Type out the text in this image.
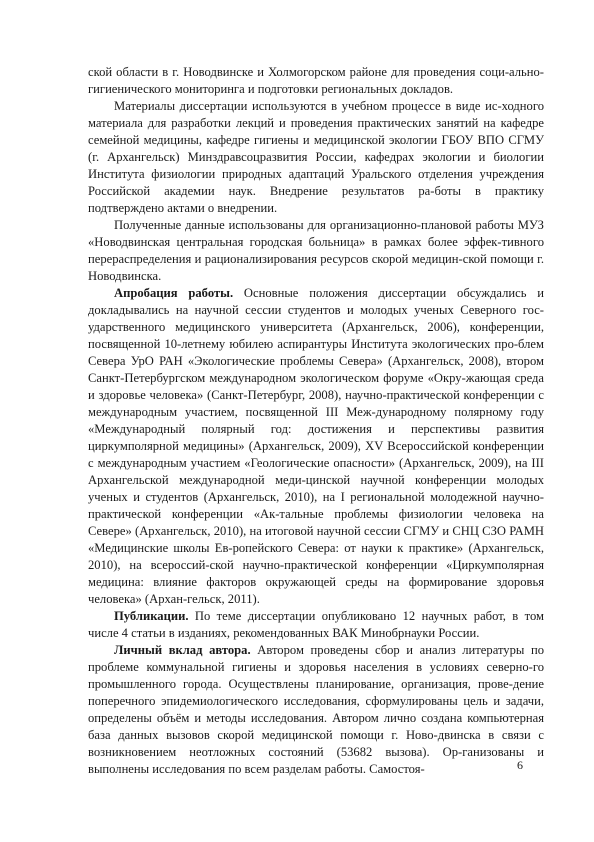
ской области в г. Новодвинске и Холмогорском районе для проведения соци-ально-гигиенического мониторинга и подготовки региональных докладов.

Материалы диссертации используются в учебном процессе в виде ис-ходного материала для разработки лекций и проведения практических занятий на кафедре семейной медицины, кафедре гигиены и медицинской экологии ГБОУ ВПО СГМУ (г. Архангельск) Минздравсоцразвития России, кафедрах экологии и биологии Института физиологии природных адаптаций Уральского отделения учреждения Российской академии наук. Внедрение результатов ра-боты в практику подтверждено актами о внедрении.

Полученные данные использованы для организационно-плановой работы МУЗ «Новодвинская центральная городская больница» в рамках более эффек-тивного перераспределения и рационализирования ресурсов скорой медицин-ской помощи г. Новодвинска.

Апробация работы. Основные положения диссертации обсуждались и докладывались на научной сессии студентов и молодых ученых Северного гос-ударственного медицинского университета (Архангельск, 2006), конференции, посвященной 10-летнему юбилею аспирантуры Института экологических про-блем Севера УрО РАН «Экологические проблемы Севера» (Архангельск, 2008), втором Санкт-Петербургском международном экологическом форуме «Окру-жающая среда и здоровье человека» (Санкт-Петербург, 2008), научно-практической конференции с международным участием, посвященной III Меж-дународному полярному году «Международный полярный год: достижения и перспективы развития циркумполярной медицины» (Архангельск, 2009), XV Всероссийской конференции с международным участием «Геологические опасности» (Архангельск, 2009), на III Архангельской международной меди-цинской научной конференции молодых ученых и студентов (Архангельск, 2010), на I региональной молодежной научно-практической конференции «Ак-тальные проблемы физиологии человека на Севере» (Архангельск, 2010), на итоговой научной сессии СГМУ и СНЦ СЗО РАМН «Медицинские школы Ев-ропейского Севера: от науки к практике» (Архангельск, 2010), на всероссий-ской научно-практической конференции «Циркумполярная медицина: влияние факторов окружающей среды на формирование здоровья человека» (Архан-гельск, 2011).

Публикации. По теме диссертации опубликовано 12 научных работ, в том числе 4 статьи в изданиях, рекомендованных ВАК Минобрнауки России.

Личный вклад автора. Автором проведены сбор и анализ литературы по проблеме коммунальной гигиены и здоровья населения в условиях северно-го промышленного города. Осуществлены планирование, организация, прове-дение поперечного эпидемиологического исследования, сформулированы цель и задачи, определены объём и методы исследования. Автором лично создана компьютерная база данных вызовов скорой медицинской помощи г. Ново-двинска в связи с возникновением неотложных состояний (53682 вызова). Ор-ганизованы и выполнены исследования по всем разделам работы. Самостоя-	6
